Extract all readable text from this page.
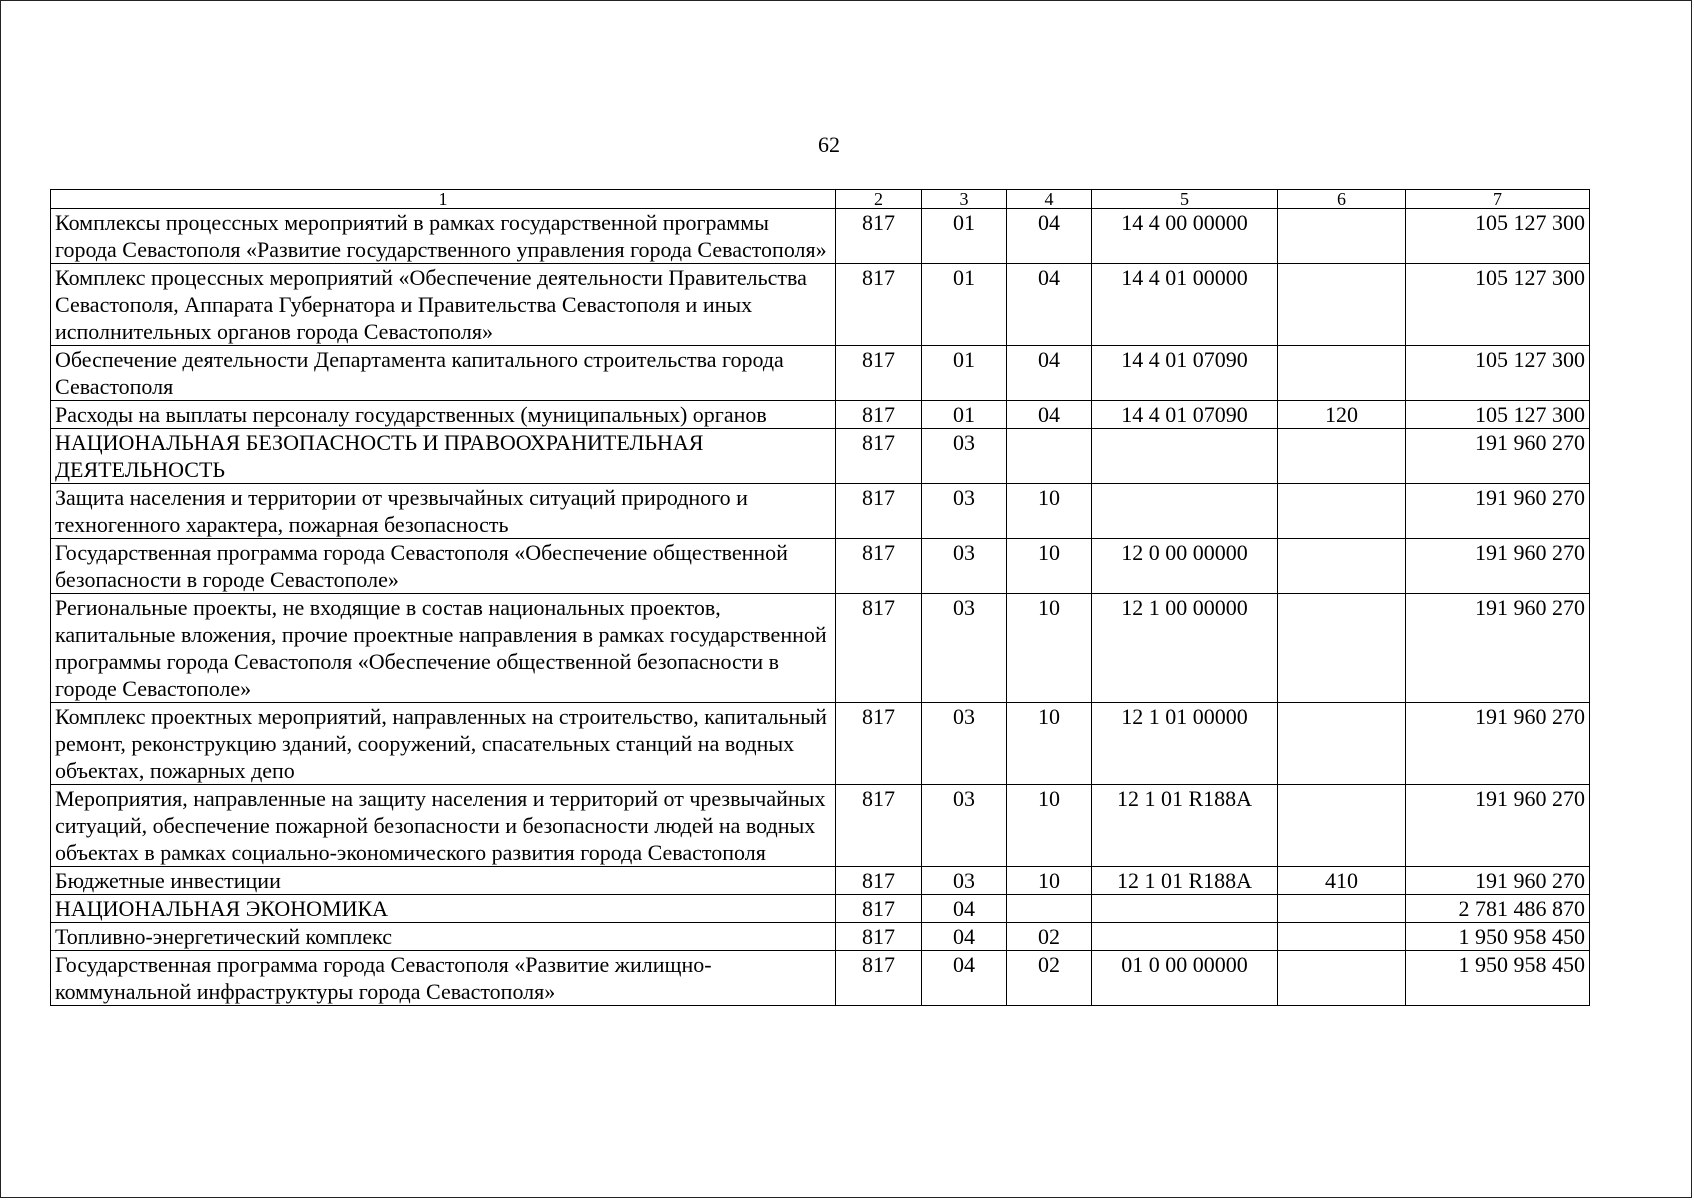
62
1	2	3	4	5	6	7
Комплексы процессных мероприятий в рамках государственной программы города Севастополя «Развитие государственного управления города Севастополя»	817	01	04	14 4 00 00000		105 127 300
Комплекс процессных мероприятий «Обеспечение деятельности Правительства Севастополя, Аппарата Губернатора и Правительства Севастополя и иных исполнительных органов города Севастополя»	817	01	04	14 4 01 00000		105 127 300
Обеспечение деятельности Департамента капитального строительства города Севастополя	817	01	04	14 4 01 07090		105 127 300
Расходы на выплаты персоналу государственных (муниципальных) органов	817	01	04	14 4 01 07090	120	105 127 300
НАЦИОНАЛЬНАЯ БЕЗОПАСНОСТЬ И ПРАВООХРАНИТЕЛЬНАЯ ДЕЯТЕЛЬНОСТЬ	817	03				191 960 270
Защита населения и территории от чрезвычайных ситуаций природного и техногенного характера, пожарная безопасность	817	03	10			191 960 270
Государственная программа города Севастополя «Обеспечение общественной безопасности в городе Севастополе»	817	03	10	12 0 00 00000		191 960 270
Региональные проекты, не входящие в состав национальных проектов, капитальные вложения, прочие проектные направления в рамках государственной программы города Севастополя «Обеспечение общественной безопасности в городе Севастополе»	817	03	10	12 1 00 00000		191 960 270
Комплекс проектных мероприятий, направленных на строительство, капитальный ремонт, реконструкцию зданий, сооружений, спасательных станций на водных объектах, пожарных депо	817	03	10	12 1 01 00000		191 960 270
Мероприятия, направленные на защиту населения и территорий от чрезвычайных ситуаций, обеспечение пожарной безопасности и безопасности людей на водных объектах в рамках социально-экономического развития города Севастополя	817	03	10	12 1 01 R188A		191 960 270
Бюджетные инвестиции	817	03	10	12 1 01 R188A	410	191 960 270
НАЦИОНАЛЬНАЯ ЭКОНОМИКА	817	04				2 781 486 870
Топливно-энергетический комплекс	817	04	02			1 950 958 450
Государственная программа города Севастополя «Развитие жилищно-коммунальной инфраструктуры города Севастополя»	817	04	02	01 0 00 00000		1 950 958 450
